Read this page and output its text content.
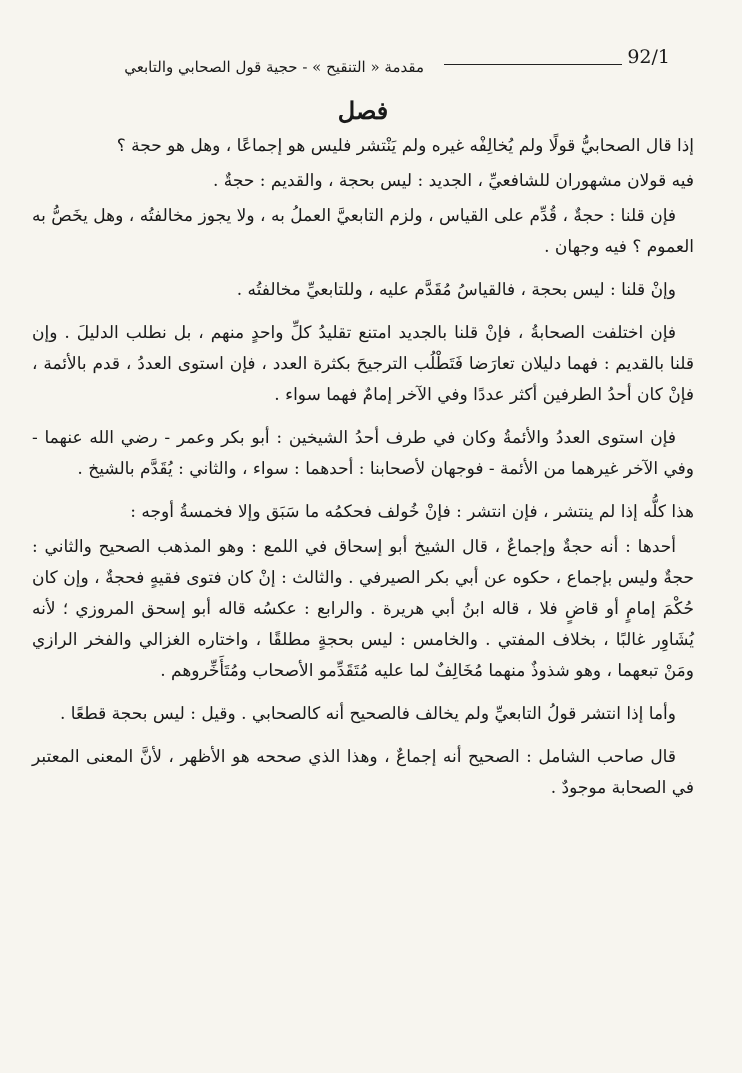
92/1
مقدمة « التنقيح » - حجية قول الصحابي والتابعي
فصل

إذا قال الصحابيُّ قولًا ولم يُخالِفْه غيره ولم يَنْتشر فليس هو إجماعًا ، وهل هو حجة ؟

فيه قولان مشهوران للشافعيِّ ، الجديد : ليس بحجة ، والقديم : حجةٌ .

فإن قلنا : حجةٌ ، قُدِّم على القياس ، ولزم التابعيَّ العملُ به ، ولا يجوز مخالفتُه ، وهل يخَصُّ به العموم ؟ فيه وجهان .

وإنْ قلنا : ليس بحجة ، فالقياسُ مُقَدَّم عليه ، وللتابعيِّ مخالفتُه .

فإن اختلفت الصحابةُ ، فإنْ قلنا بالجديد امتنع تقليدُ كلِّ واحدٍ منهم ، بل نطلب الدليلَ . وإن قلنا بالقديم : فهما دليلان تعارَضا فَتَطْلُب الترجيحَ بكثرة العدد ، فإن استوى العددُ ، قدم بالأئمة ، فإنْ كان أحدُ الطرفين أكثر عددًا وفي الآخر إمامٌ فهما سواء .

فإن استوى العددُ والأئمةُ وكان في طرف أحدُ الشيخين : أبو بكر وعمر - رضي الله عنهما - وفي الآخر غيرهما من الأئمة - فوجهان لأصحابنا : أحدهما : سواء ، والثاني : يُقَدَّم بالشيخ .

هذا كلُّه إذا لم ينتشر ، فإن انتشر : فإنْ خُولف فحكمُه ما سَبَق وإلا فخمسةُ أوجه :

أحدها : أنه حجةٌ وإجماعٌ ، قال الشيخ أبو إسحاق في اللمع : وهو المذهب الصحيح والثاني : حجةٌ وليس بإجماع ، حكوه عن أبي بكر الصيرفي . والثالث : إنْ كان فتوى فقيهٍ فحجةٌ ، وإن كان حُكْمَ إمامٍ أو قاضٍ فلا ، قاله ابنُ أبي هريرة . والرابع : عكسُه قاله أبو إسحق المروزي ؛ لأنه يُشَاوِر غالبًا ، بخلاف المفتي . والخامس : ليس بحجةٍ مطلقًا ، واختاره الغزالي والفخر الرازي ومَنْ تبعهما ، وهو شذوذٌ منهما مُخَالِفٌ لما عليه مُتَقَدِّمو الأصحاب ومُتَأَخِّروهم .

وأما إذا انتشر قولُ التابعيِّ ولم يخالف فالصحيح أنه كالصحابي . وقيل : ليس بحجة قطعًا .

قال صاحب الشامل : الصحيح أنه إجماعٌ ، وهذا الذي صححه هو الأظهر ، لأنَّ المعنى المعتبر في الصحابة موجودٌ .
